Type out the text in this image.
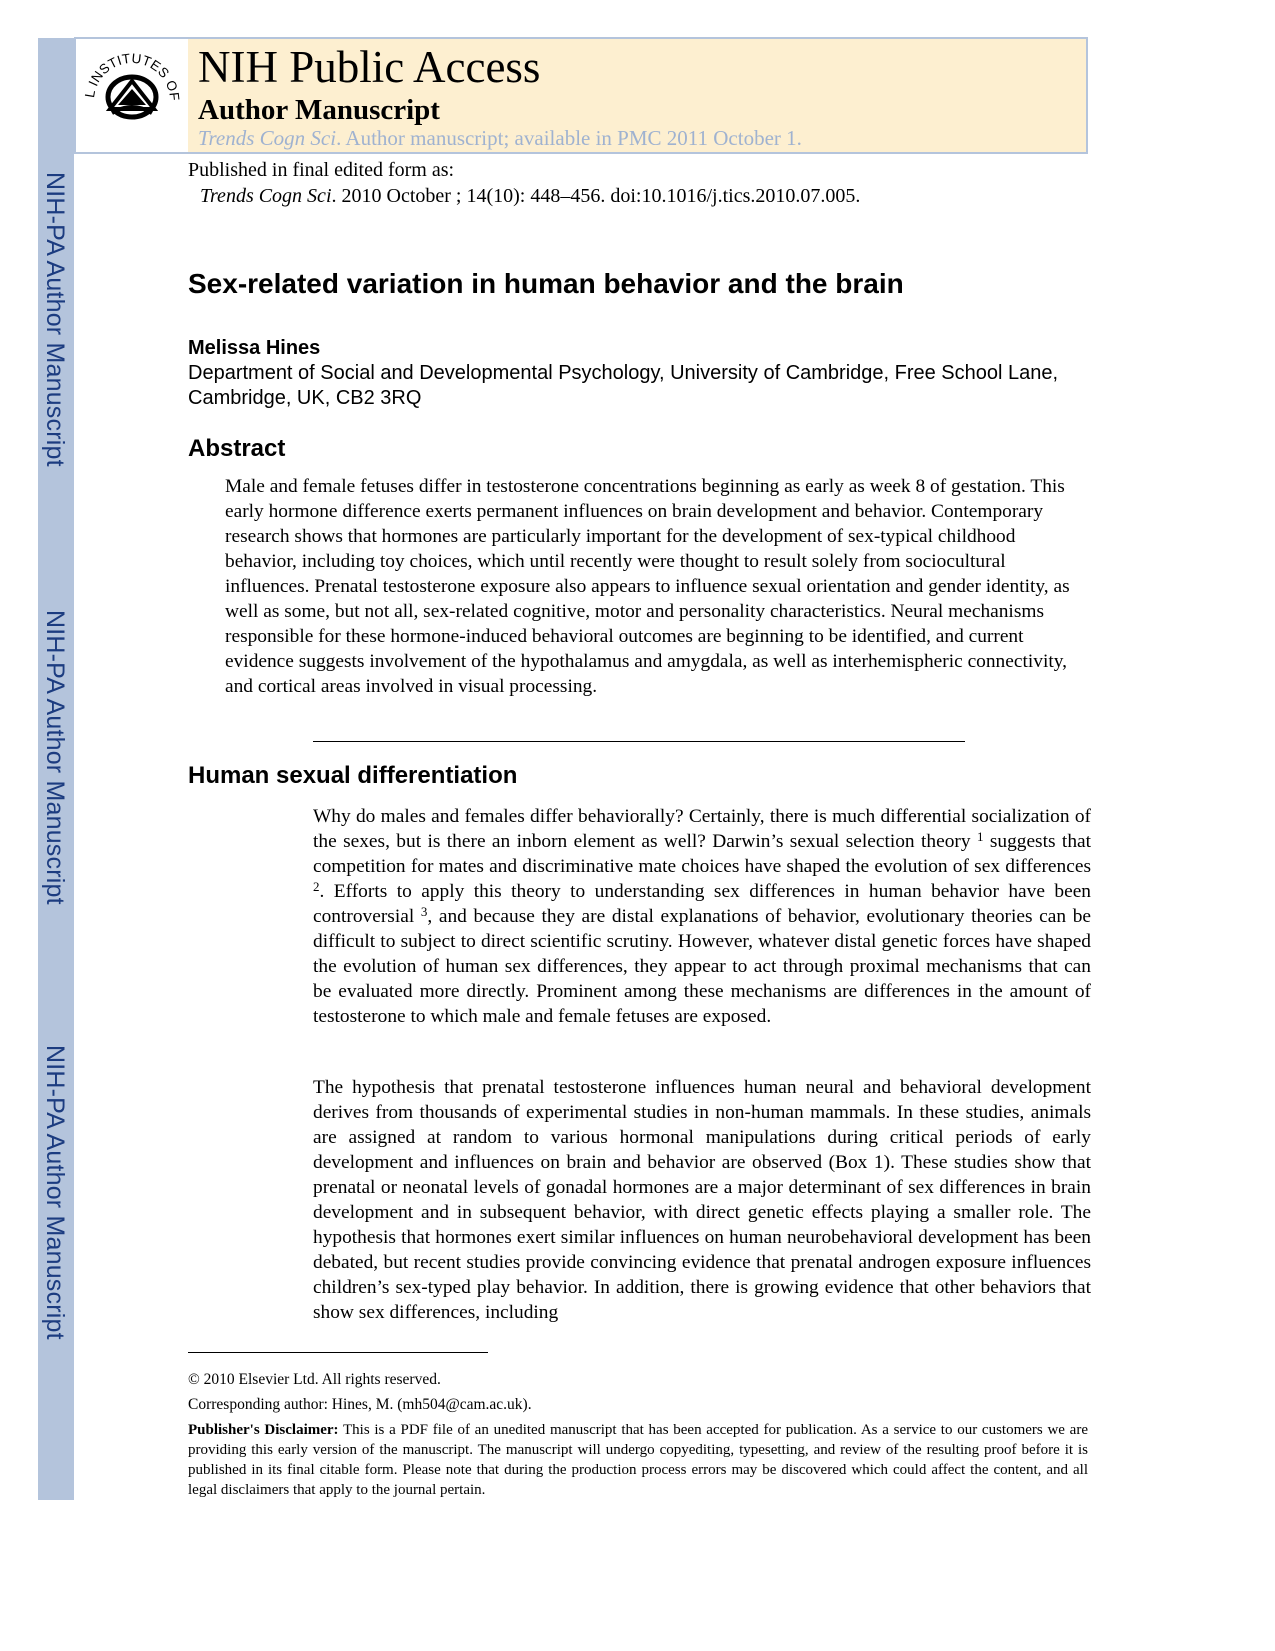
NIH-PA Author Manuscript
NIH-PA Author Manuscript
NIH-PA Author Manuscript
L INSTITUTES OF
NIH Public Access
Author Manuscript
Trends Cogn Sci. Author manuscript; available in PMC 2011 October 1.
Published in final edited form as:
Trends Cogn Sci. 2010 October ; 14(10): 448–456. doi:10.1016/j.tics.2010.07.005.
Sex-related variation in human behavior and the brain
Melissa Hines
Department of Social and Developmental Psychology, University of Cambridge, Free School Lane, Cambridge, UK, CB2 3RQ
Abstract
Male and female fetuses differ in testosterone concentrations beginning as early as week 8 of gestation. This early hormone difference exerts permanent influences on brain development and behavior. Contemporary research shows that hormones are particularly important for the development of sex-typical childhood behavior, including toy choices, which until recently were thought to result solely from sociocultural influences. Prenatal testosterone exposure also appears to influence sexual orientation and gender identity, as well as some, but not all, sex-related cognitive, motor and personality characteristics. Neural mechanisms responsible for these hormone-induced behavioral outcomes are beginning to be identified, and current evidence suggests involvement of the hypothalamus and amygdala, as well as interhemispheric connectivity, and cortical areas involved in visual processing.
Human sexual differentiation
Why do males and females differ behaviorally? Certainly, there is much differential socialization of the sexes, but is there an inborn element as well? Darwin’s sexual selection theory $^1$ suggests that competition for mates and discriminative mate choices have shaped the evolution of sex differences $^2$. Efforts to apply this theory to understanding sex differences in human behavior have been controversial $^3$, and because they are distal explanations of behavior, evolutionary theories can be difficult to subject to direct scientific scrutiny. However, whatever distal genetic forces have shaped the evolution of human sex differences, they appear to act through proximal mechanisms that can be evaluated more directly. Prominent among these mechanisms are differences in the amount of testosterone to which male and female fetuses are exposed.
The hypothesis that prenatal testosterone influences human neural and behavioral development derives from thousands of experimental studies in non-human mammals. In these studies, animals are assigned at random to various hormonal manipulations during critical periods of early development and influences on brain and behavior are observed (Box 1). These studies show that prenatal or neonatal levels of gonadal hormones are a major determinant of sex differences in brain development and in subsequent behavior, with direct genetic effects playing a smaller role. The hypothesis that hormones exert similar influences on human neurobehavioral development has been debated, but recent studies provide convincing evidence that prenatal androgen exposure influences children’s sex-typed play behavior. In addition, there is growing evidence that other behaviors that show sex differences, including
© 2010 Elsevier Ltd. All rights reserved.
Corresponding author: Hines, M. (mh504@cam.ac.uk).
Publisher's Disclaimer: This is a PDF file of an unedited manuscript that has been accepted for publication. As a service to our customers we are providing this early version of the manuscript. The manuscript will undergo copyediting, typesetting, and review of the resulting proof before it is published in its final citable form. Please note that during the production process errors may be discovered which could affect the content, and all legal disclaimers that apply to the journal pertain.
